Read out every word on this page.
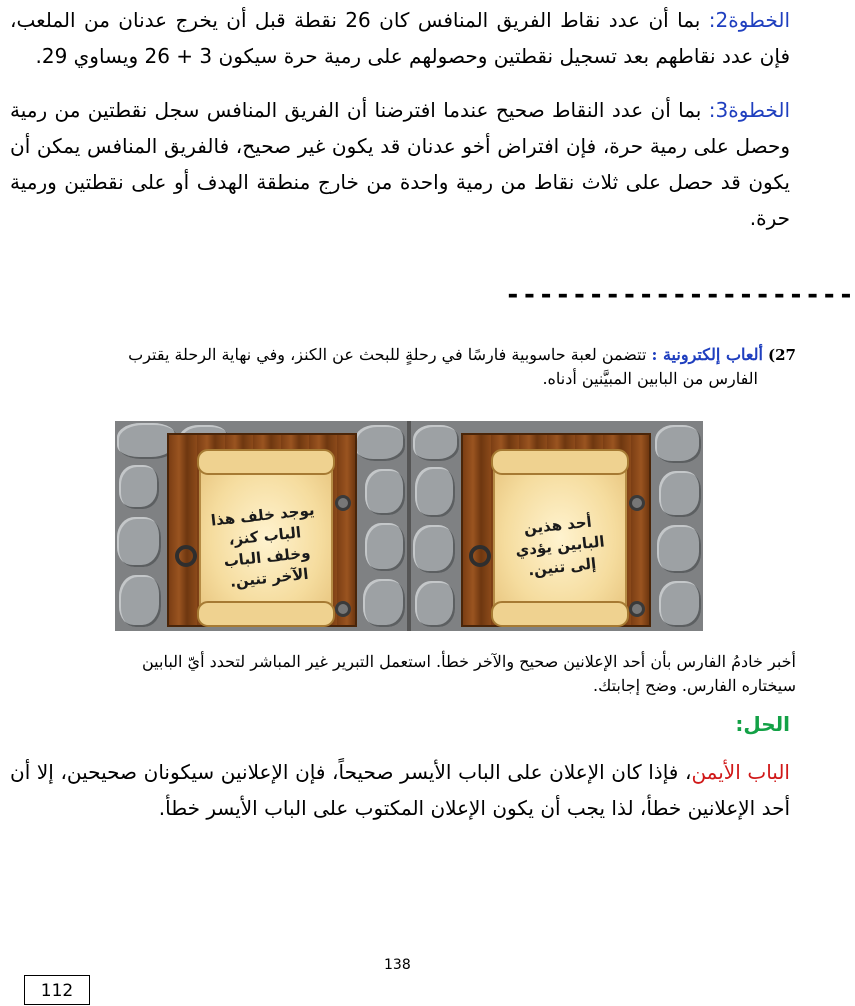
الخطوة2: بما أن عدد نقاط الفريق المنافس كان 26 نقطة قبل أن يخرج عدنان من الملعب، فإن عدد نقاطهم بعد تسجيل نقطتين وحصولهم على رمية حرة سيكون 3 + 26 ويساوي 29.
الخطوة3: بما أن عدد النقاط صحيح عندما افترضنا أن الفريق المنافس سجل نقطتين من رمية وحصل على رمية حرة، فإن افتراض أخو عدنان قد يكون غير صحيح، فالفريق المنافس يمكن أن يكون قد حصل على ثلاث نقاط من رمية واحدة من خارج منطقة الهدف أو على نقطتين ورمية حرة.
---------------------
27) ألعاب إلكترونية : تتضمن لعبة حاسوبية فارسًا في رحلةٍ للبحث عن الكنز، وفي نهاية الرحلة يقترب
الفارس من البابين المبيَّنين أدناه.
يوجد خلف هذا الباب كنز، وخلف الباب الآخر تنين.
أحد هذين البابين يؤدي إلى تنين.
أخبر خادمُ الفارس بأن أحد الإعلانين صحيح والآخر خطأ. استعمل التبرير غير المباشر لتحدد أيّ البابين
سيختاره الفارس. وضح إجابتك.
الحل:
الباب الأيمن، فإذا كان الإعلان على الباب الأيسر صحيحاً، فإن الإعلانين سيكونان صحيحين، إلا أن أحد الإعلانين خطأ، لذا يجب أن يكون الإعلان المكتوب على الباب الأيسر خطأ.
138
112
